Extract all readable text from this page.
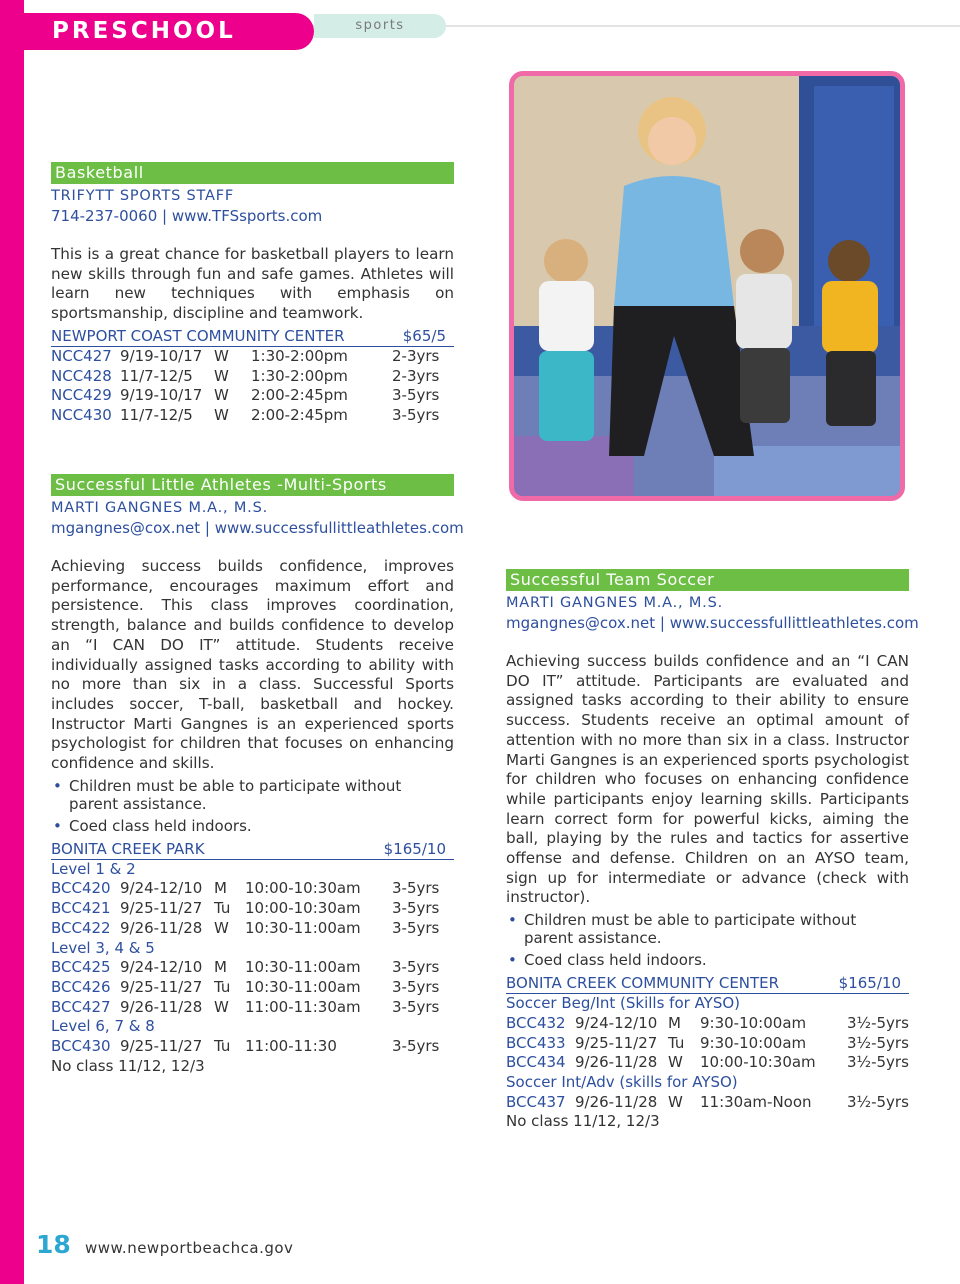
PRESCHOOL	sports
Basketball
TRIFYTT SPORTS STAFF
714-237-0060 | www.TFSsports.com
This is a great chance for basketball players to learn new skills through fun and safe games. Athletes will learn new techniques with emphasis on sportsmanship, discipline and teamwork.
NEWPORT COAST COMMUNITY CENTER	$65/5
NCC427 9/19-10/17 W 1:30-2:00pm	2-3yrs
NCC428 11/7-12/5 W 1:30-2:00pm	2-3yrs
NCC429 9/19-10/17 W 2:00-2:45pm	3-5yrs
NCC430 11/7-12/5 W 2:00-2:45pm	3-5yrs
Successful Little Athletes -Multi-Sports
MARTI GANGNES M.A., M.S.
mgangnes@cox.net | www.successfullittleathletes.com
Achieving success builds confidence, improves performance, encourages maximum effort and persistence. This class improves coordination, strength, balance and builds confidence to develop an “I CAN DO IT” attitude. Students receive individually assigned tasks according to ability with no more than six in a class. Successful Sports includes soccer, T-ball, basketball and hockey. Instructor Marti Gangnes is an experienced sports psychologist for children that focuses on enhancing confidence and skills.
• Children must be able to participate without parent assistance.
• Coed class held indoors.
BONITA CREEK PARK	$165/10
Level 1 & 2
BCC420 9/24-12/10 M 10:00-10:30am 3-5yrs
BCC421 9/25-11/27 Tu 10:00-10:30am 3-5yrs
BCC422 9/26-11/28 W 10:30-11:00am 3-5yrs
Level 3, 4 & 5
BCC425 9/24-12/10 M 10:30-11:00am 3-5yrs
BCC426 9/25-11/27 Tu 10:30-11:00am 3-5yrs
BCC427 9/26-11/28 W 11:00-11:30am 3-5yrs
Level 6, 7 & 8
BCC430 9/25-11/27 Tu 11:00-11:30	3-5yrs
No class 11/12, 12/3
Successful Team Soccer
MARTI GANGNES M.A., M.S.
mgangnes@cox.net | www.successfullittleathletes.com
Achieving success builds confidence and an “I CAN DO IT” attitude. Participants are evaluated and assigned tasks according to their ability to ensure success. Students receive an optimal amount of attention with no more than six in a class. Instructor Marti Gangnes is an experienced sports psychologist for children who focuses on enhancing confidence while participants enjoy learning skills. Participants learn correct form for powerful kicks, aiming the ball, playing by the rules and tactics for assertive offense and defense. Children on an AYSO team, sign up for intermediate or advance (check with instructor).
• Children must be able to participate without parent assistance.
• Coed class held indoors.
BONITA CREEK COMMUNITY CENTER	$165/10
Soccer Beg/Int (Skills for AYSO)
BCC432 9/24-12/10 M 9:30-10:00am	3½-5yrs
BCC433 9/25-11/27 Tu 9:30-10:00am	3½-5yrs
BCC434 9/26-11/28 W 10:00-10:30am 3½-5yrs
Soccer Int/Adv (skills for AYSO)
BCC437 9/26-11/28 W 11:30am-Noon 3½-5yrs
No class 11/12, 12/3
18 www.newportbeachca.gov
